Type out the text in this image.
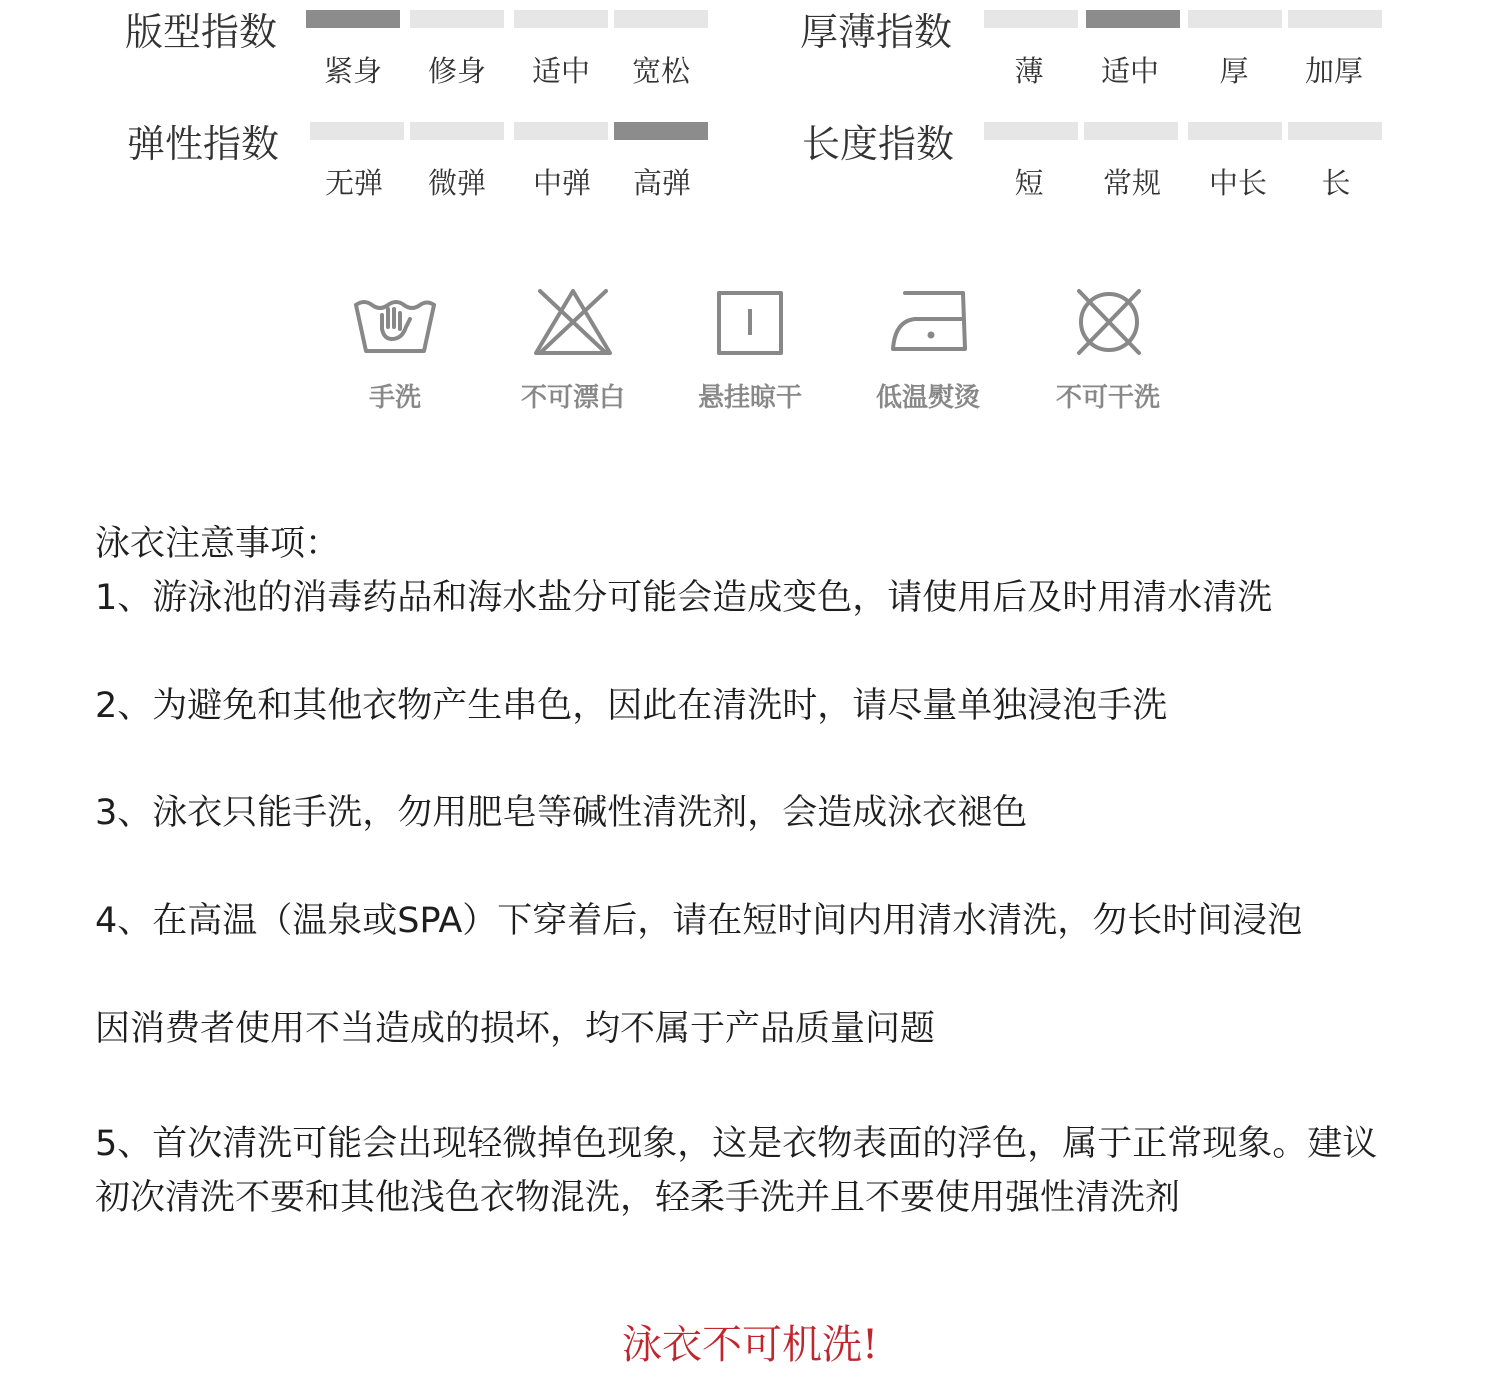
版型指数
紧身	修身	适中	宽松
厚薄指数
薄	适中	厚	加厚
弹性指数
无弹	微弹	中弹	高弹
长度指数
短	常规	中长	长
手洗	不可漂白	悬挂晾干	低温熨烫	不可干洗
泳衣注意事项：
1、游泳池的消毒药品和海水盐分可能会造成变色，请使用后及时用清水清洗
2、为避免和其他衣物产生串色，因此在清洗时，请尽量单独浸泡手洗
3、泳衣只能手洗，勿用肥皂等碱性清洗剂，会造成泳衣褪色
4、在高温（温泉或SPA）下穿着后，请在短时间内用清水清洗，勿长时间浸泡
因消费者使用不当造成的损坏，均不属于产品质量问题
5、首次清洗可能会出现轻微掉色现象，这是衣物表面的浮色，属于正常现象。建议初次清洗不要和其他浅色衣物混洗，轻柔手洗并且不要使用强性清洗剂
泳衣不可机洗!
